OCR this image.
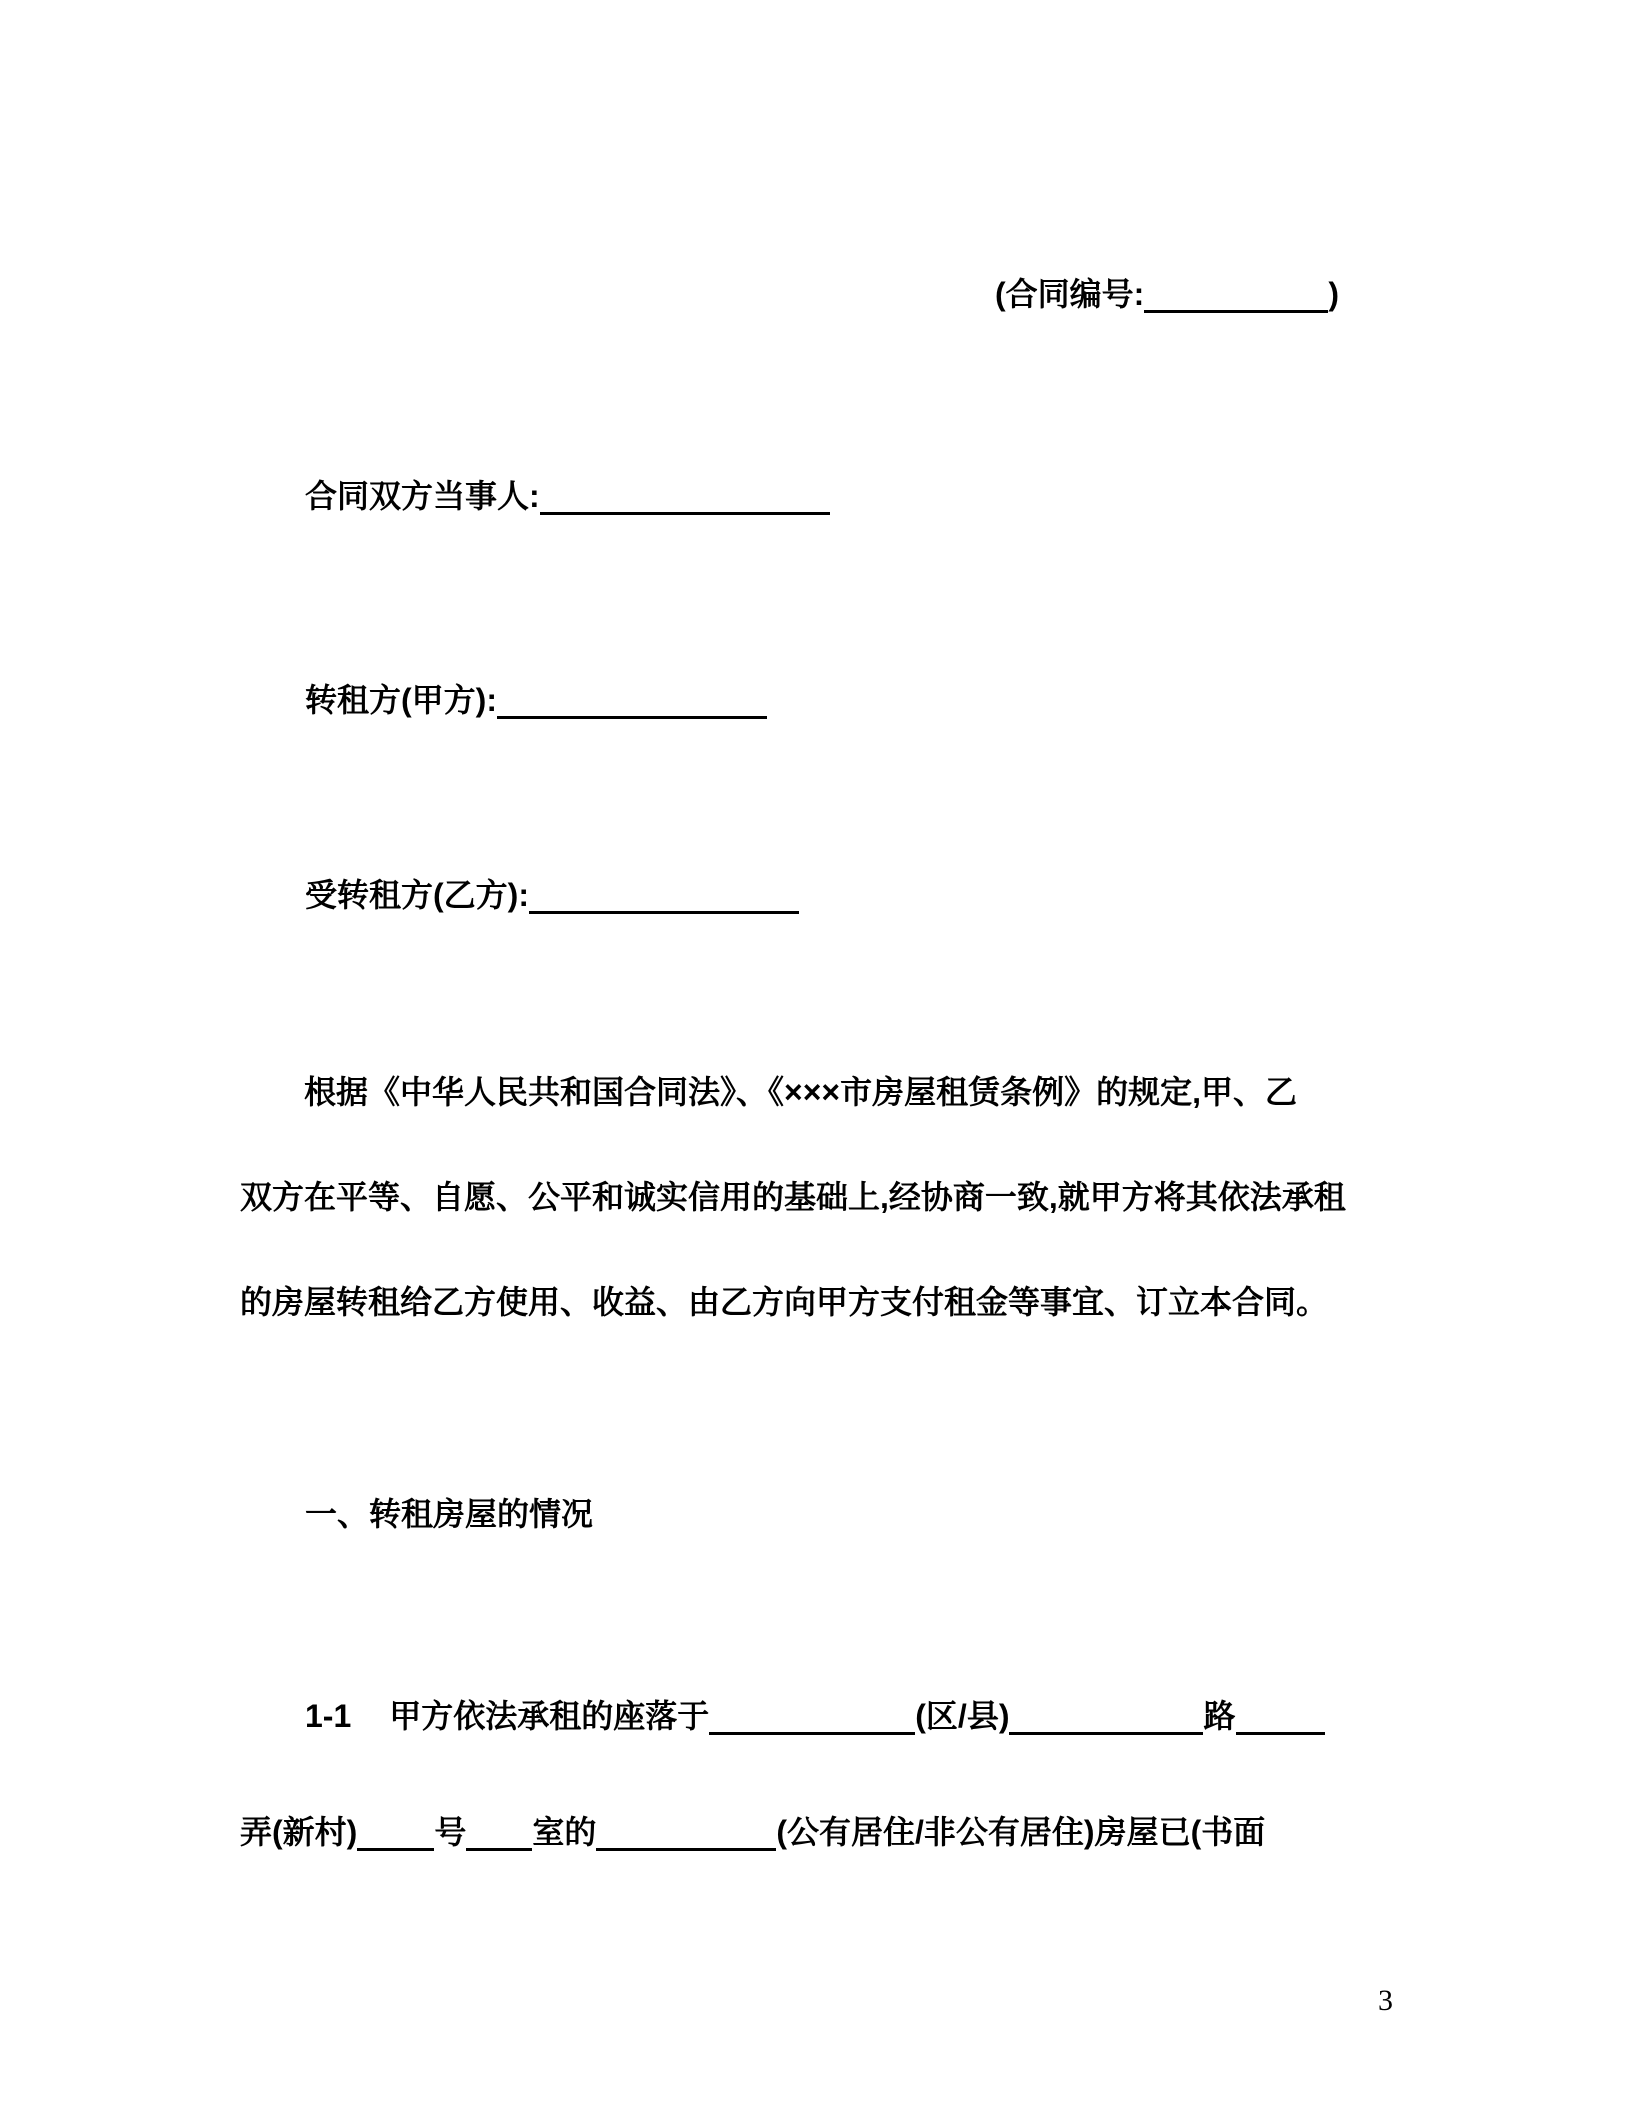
(合同编号:	)
合同双方当事人:
转租方(甲方):
受转租方(乙方):
根据《中华人民共和国合同法》、《×××市房屋租赁条例》的规定,甲、乙
双方在平等、自愿、公平和诚实信用的基础上,经协商一致,就甲方将其依法承租
的房屋转租给乙方使用、收益、由乙方向甲方支付租金等事宜、订立本合同。
一、转租房屋的情况
1-1 甲方依法承租的座落于	(区/县)	路
弄(新村) 号 室的	(公有居住/非公有居住)房屋已(书面
3
